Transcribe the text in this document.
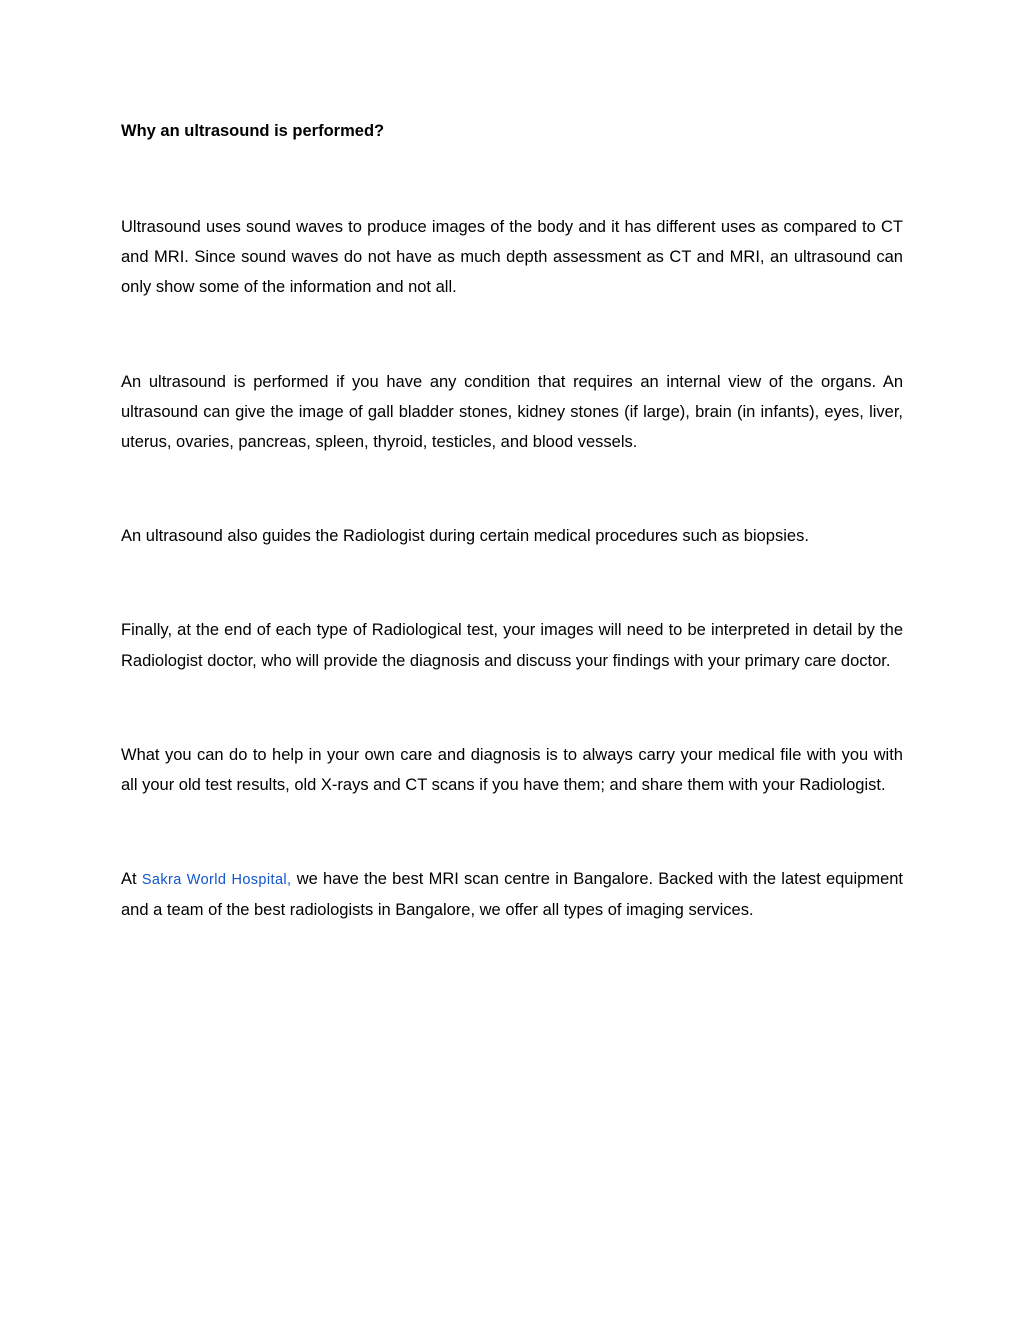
Why an ultrasound is performed?

Ultrasound uses sound waves to produce images of the body and it has different uses as compared to CT and MRI. Since sound waves do not have as much depth assessment as CT and MRI, an ultrasound can only show some of the information and not all.

An ultrasound is performed if you have any condition that requires an internal view of the organs. An ultrasound can give the image of gall bladder stones, kidney stones (if large), brain (in infants), eyes, liver, uterus, ovaries, pancreas, spleen, thyroid, testicles, and blood vessels.

An ultrasound also guides the Radiologist during certain medical procedures such as biopsies.

Finally, at the end of each type of Radiological test, your images will need to be interpreted in detail by the Radiologist doctor, who will provide the diagnosis and discuss your findings with your primary care doctor.

What you can do to help in your own care and diagnosis is to always carry your medical file with you with all your old test results, old X-rays and CT scans if you have them; and share them with your Radiologist.

At Sakra World Hospital, we have the best MRI scan centre in Bangalore. Backed with the latest equipment and a team of the best radiologists in Bangalore, we offer all types of imaging services.
